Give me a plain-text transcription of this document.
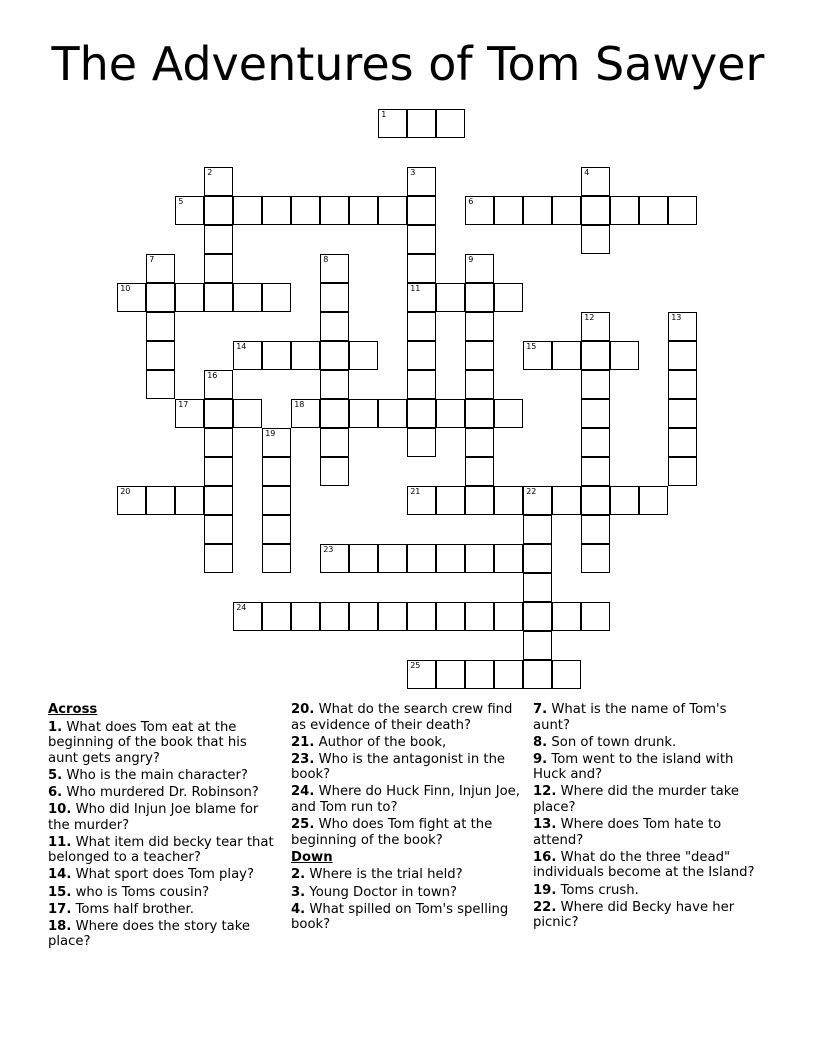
The Adventures of Tom Sawyer
1
2	3	4
5	6
7	8	9
10	11
12	13
14	15
16
17	18
19
20	21	22
23
24
25
Across
1. What does Tom eat at the beginning of the book that his aunt gets angry?
5. Who is the main character?
6. Who murdered Dr. Robinson?
10. Who did Injun Joe blame for the murder?
11. What item did becky tear that belonged to a teacher?
14. What sport does Tom play?
15. who is Toms cousin?
17. Toms half brother.
18. Where does the story take place?
20. What do the search crew find as evidence of their death?
21. Author of the book,
23. Who is the antagonist in the book?
24. Where do Huck Finn, Injun Joe, and Tom run to?
25. Who does Tom fight at the beginning of the book?
Down
2. Where is the trial held?
3. Young Doctor in town?
4. What spilled on Tom's spelling book?
7. What is the name of Tom's aunt?
8. Son of town drunk.
9. Tom went to the island with Huck and?
12. Where did the murder take place?
13. Where does Tom hate to attend?
16. What do the three "dead" individuals become at the Island?
19. Toms crush.
22. Where did Becky have her picnic?
